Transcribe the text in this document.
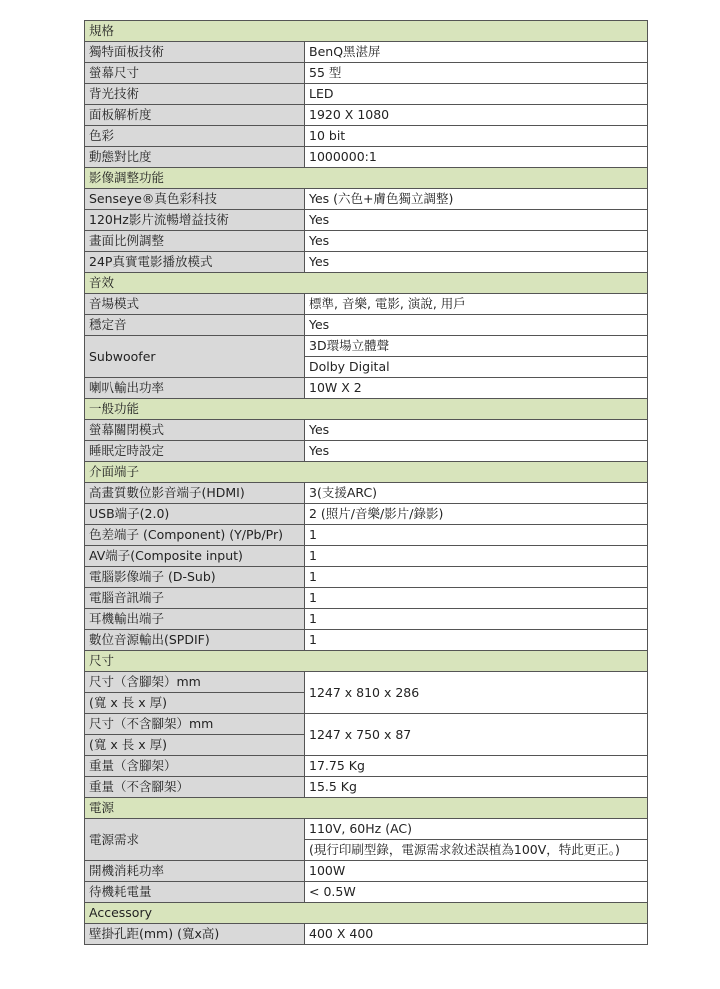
規格	
獨特面板技術	BenQ黑湛屏
螢幕尺寸	55 型
背光技術	LED
面板解析度	1920 X 1080
色彩	10 bit
動態對比度	1000000:1
影像調整功能	
Senseye®真色彩科技	Yes (六色+膚色獨立調整)
120Hz影片流暢增益技術	Yes
畫面比例調整	Yes
24P真實電影播放模式	Yes
音效	
音場模式	標準, 音樂, 電影, 演說, 用戶
穩定音	Yes
Subwoofer	3D環場立體聲
	Dolby Digital
喇叭輸出功率	10W X 2
一般功能	
螢幕關閉模式	Yes
睡眠定時設定	Yes
介面端子	
高畫質數位影音端子(HDMI)	3(支援ARC)
USB端子(2.0)	2 (照片/音樂/影片/錄影)
色差端子 (Component) (Y/Pb/Pr)	1
AV端子(Composite input)	1
電腦影像端子 (D-Sub)	1
電腦音訊端子	1
耳機輸出端子	1
數位音源輸出(SPDIF)	1
尺寸	
尺寸（含腳架）mm	1247 x 810 x 286
(寬 x 長 x 厚)	
尺寸（不含腳架）mm	1247 x 750 x 87
(寬 x 長 x 厚)	
重量（含腳架）	17.75 Kg
重量（不含腳架）	15.5 Kg
電源	
電源需求	110V, 60Hz (AC)
	(現行印刷型錄，電源需求敘述誤植為100V，特此更正。)
開機消耗功率	100W
待機耗電量	< 0.5W
Accessory	
壁掛孔距(mm) (寬x高)	400 X 400
